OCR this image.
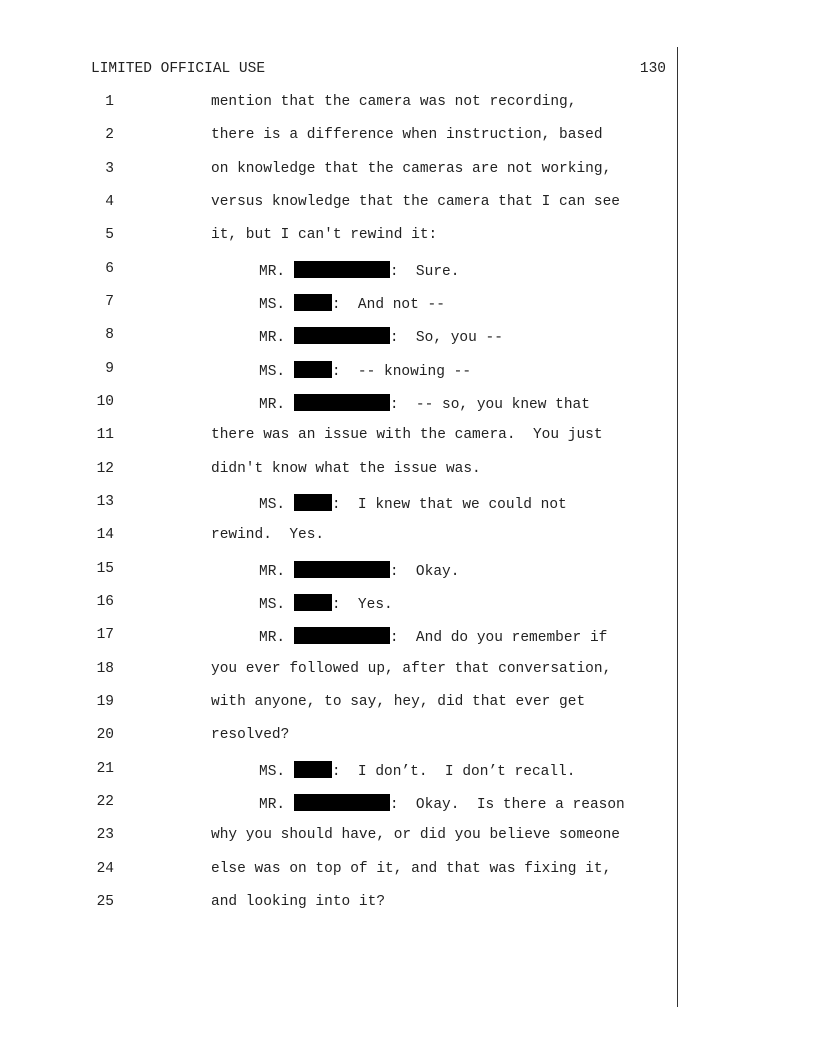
LIMITED OFFICIAL USE	130
1	mention that the camera was not recording,
2	there is a difference when instruction, based
3	on knowledge that the cameras are not working,
4	versus knowledge that the camera that I can see
5	it, but I can't rewind it:
6	MR.	:  Sure.
7	MS.	:  And not --
8	MR.	:  So, you --
9	MS.	:  -- knowing --
10	MR.	:  -- so, you knew that
11	there was an issue with the camera.  You just
12	didn't know what the issue was.
13	MS.	:  I knew that we could not
14	rewind.  Yes.
15	MR.	:  Okay.
16	MS.	:  Yes.
17	MR.	:  And do you remember if
18	you ever followed up, after that conversation,
19	with anyone, to say, hey, did that ever get
20	resolved?
21	MS.	:  I don’t.  I don’t recall.
22	MR.	:  Okay.  Is there a reason
23	why you should have, or did you believe someone
24	else was on top of it, and that was fixing it,
25	and looking into it?
